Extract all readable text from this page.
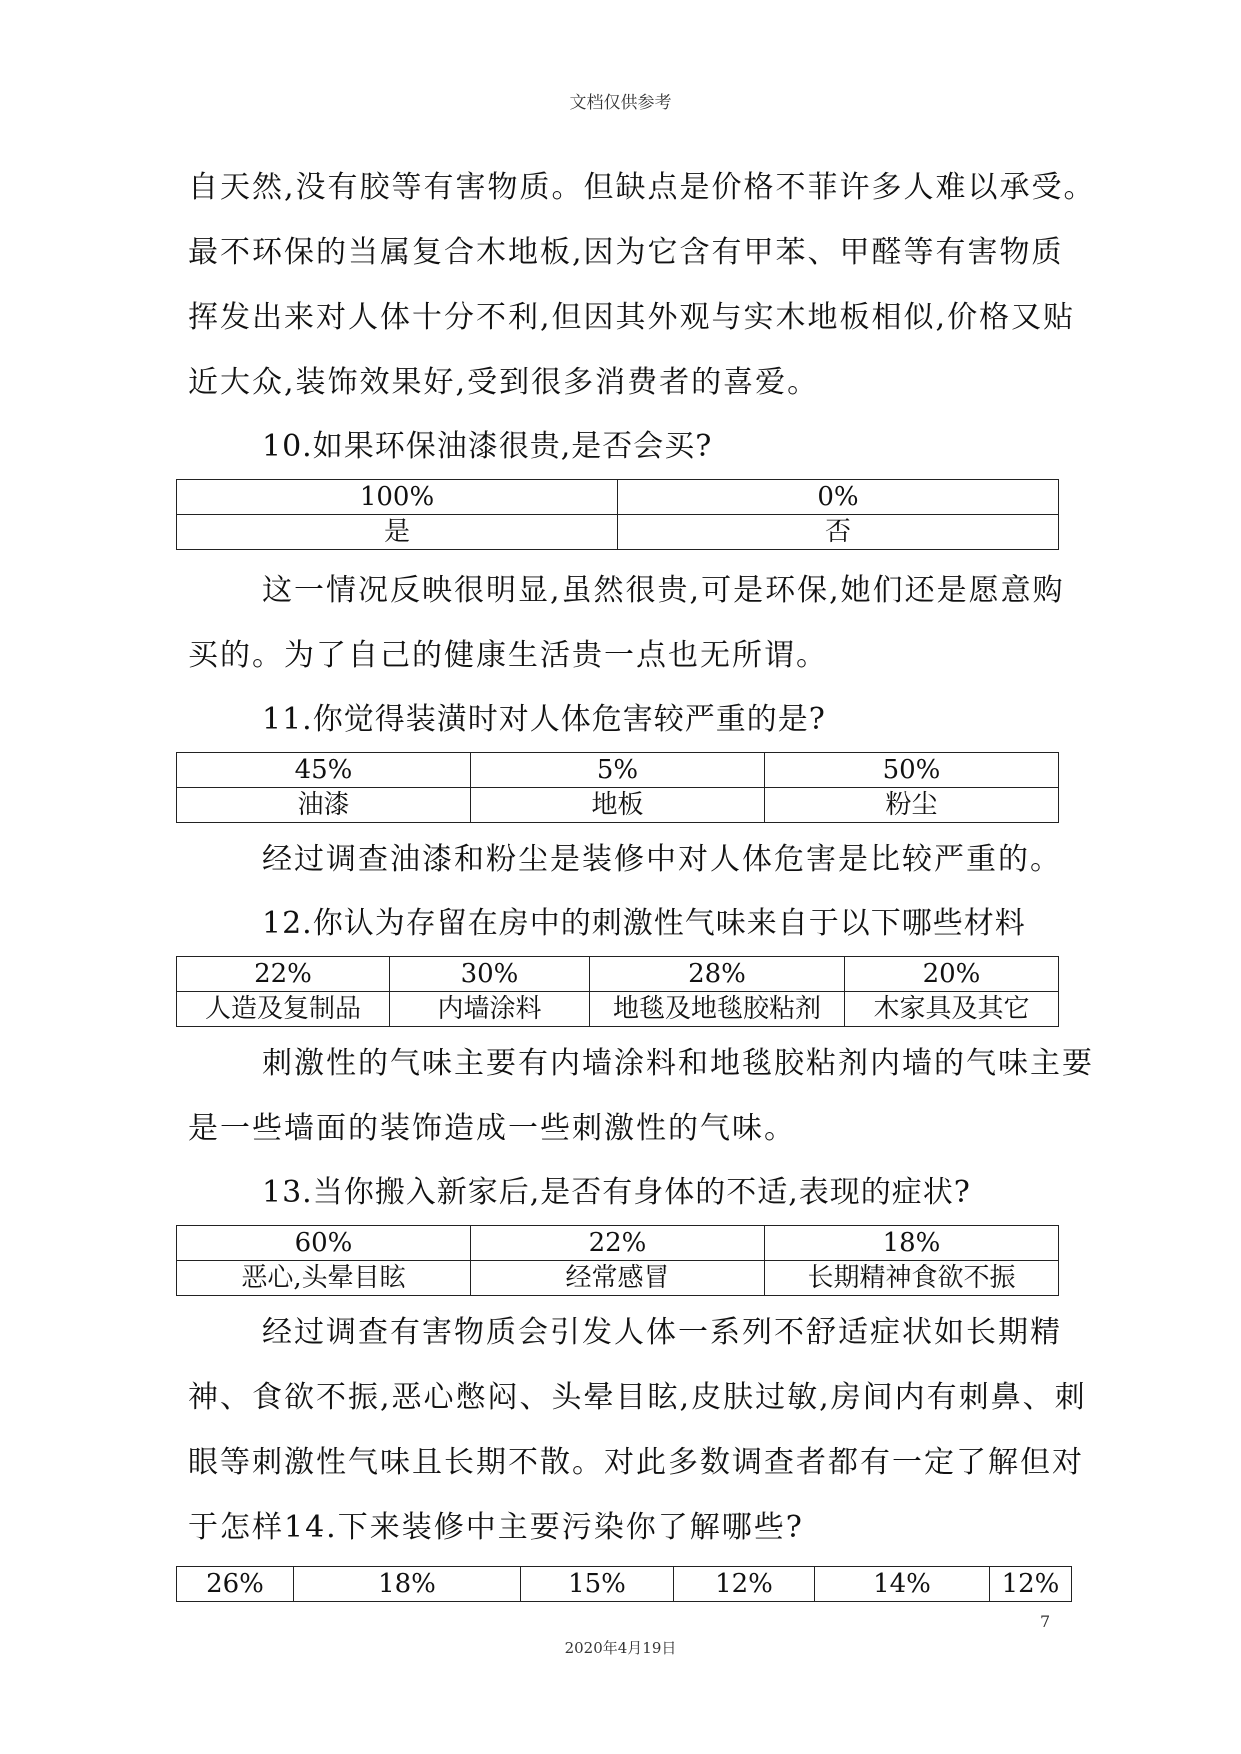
文档仅供参考
自天然,没有胶等有害物质。但缺点是价格不菲许多人难以承受。
最不环保的当属复合木地板,因为它含有甲苯、甲醛等有害物质
挥发出来对人体十分不利,但因其外观与实木地板相似,价格又贴
近大众,装饰效果好,受到很多消费者的喜爱。

10.如果环保油漆很贵,是否会买?

100%	0%
是	否
这一情况反映很明显,虽然很贵,可是环保,她们还是愿意购
买的。为了自己的健康生活贵一点也无所谓。

11.你觉得装潢时对人体危害较严重的是?

45%	5%	50%
油漆	地板	粉尘
经过调查油漆和粉尘是装修中对人体危害是比较严重的。

12.你认为存留在房中的刺激性气味来自于以下哪些材料

22%	30%	28%	20%
人造及复制品	内墙涂料	地毯及地毯胶粘剂	木家具及其它
刺激性的气味主要有内墙涂料和地毯胶粘剂内墙的气味主要
是一些墙面的装饰造成一些刺激性的气味。

13.当你搬入新家后,是否有身体的不适,表现的症状?

60%	22%	18%
恶心,头晕目眩	经常感冒	长期精神食欲不振
经过调查有害物质会引发人体一系列不舒适症状如长期精
神、食欲不振,恶心憋闷、头晕目眩,皮肤过敏,房间内有刺鼻、刺
眼等刺激性气味且长期不散。对此多数调查者都有一定了解但对
于怎样14.下来装修中主要污染你了解哪些?
26%	18%	15%	12%	14%	12%
7
2020年4月19日
